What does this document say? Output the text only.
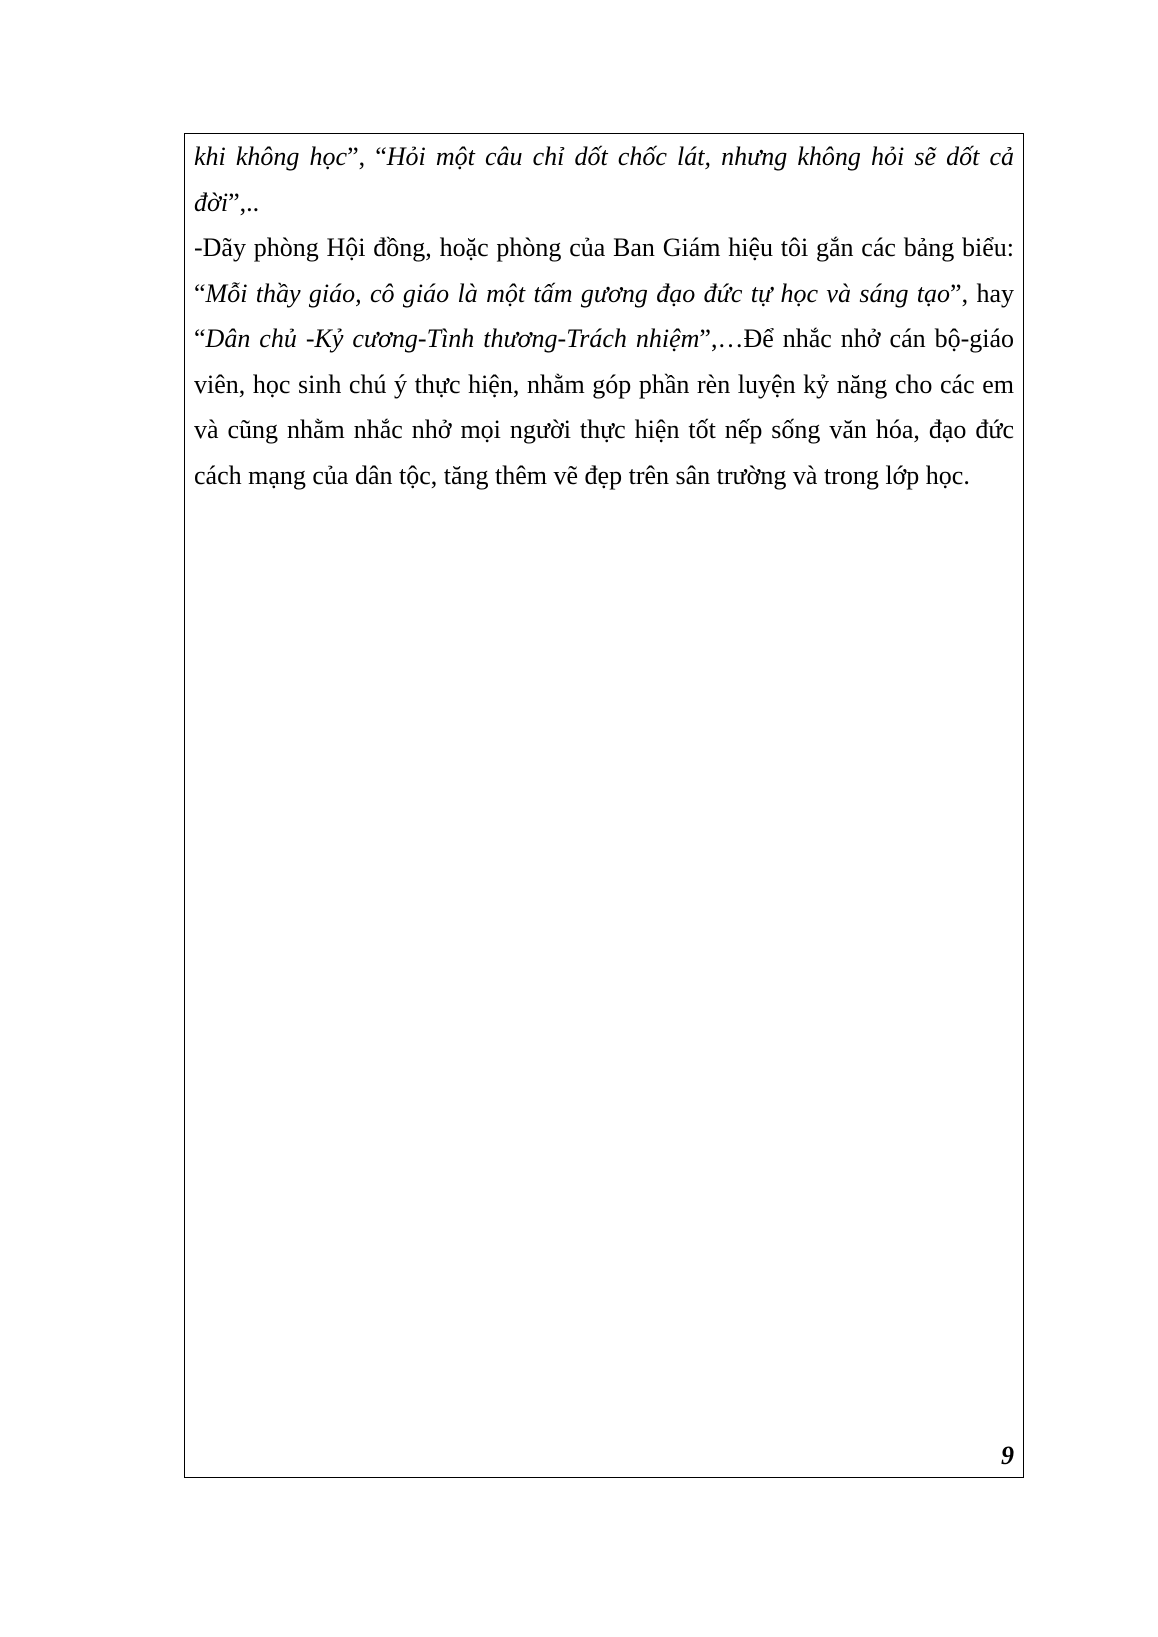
khi không học”, “Hỏi một câu chỉ dốt chốc lát, nhưng không hỏi sẽ dốt cả đời”,..

-Dãy phòng Hội đồng, hoặc phòng của Ban Giám hiệu tôi gắn các bảng biểu: “Mỗi thầy giáo, cô giáo là một tấm gương đạo đức tự học và sáng tạo”, hay “Dân chủ -Kỷ cương-Tình thương-Trách nhiệm”,…Để nhắc nhở cán bộ-giáo viên, học sinh chú ý thực hiện, nhằm góp phần rèn luyện kỷ năng cho các em và cũng nhằm nhắc nhở mọi người thực hiện tốt nếp sống văn hóa, đạo đức cách mạng của dân tộc, tăng thêm vẽ đẹp trên sân trường và trong lớp học.

9
